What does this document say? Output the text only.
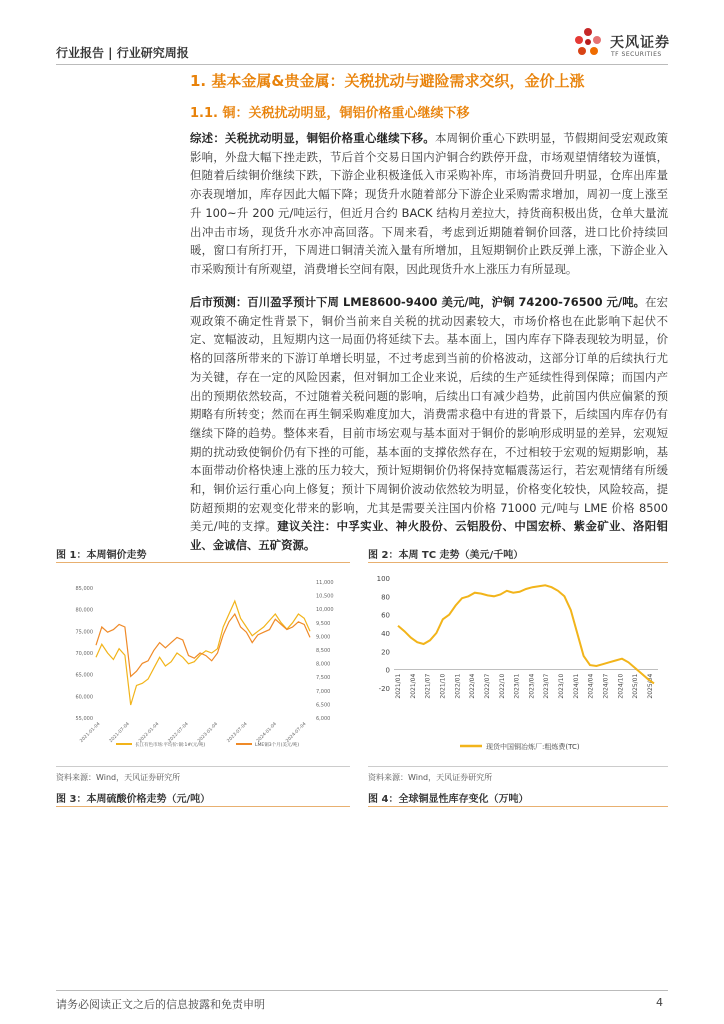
行业报告 | 行业研究周报
天风证券
TF SECURITIES
1. 基本金属&贵金属：关税扰动与避险需求交织，金价上涨
1.1. 铜：关税扰动明显，铜铝价格重心继续下移
综述：关税扰动明显，铜铝价格重心继续下移。本周铜价重心下跌明显，节假期间受宏观政策影响，外盘大幅下挫走跌，节后首个交易日国内沪铜合约跌停开盘，市场观望情绪较为谨慎，但随着后续铜价继续下跌，下游企业积极逢低入市采购补库，市场消费回升明显，仓库出库量亦表现增加，库存因此大幅下降；现货升水随着部分下游企业采购需求增加，周初一度上涨至升 100~升 200 元/吨运行，但近月合约 BACK 结构月差拉大，持货商积极出货，仓单大量流出冲击市场，现货升水亦冲高回落。下周来看，考虑到近期随着铜价回落，进口比价持续回暖，窗口有所打开，下周进口铜清关流入量有所增加，且短期铜价止跌反弹上涨，下游企业入市采购预计有所观望，消费增长空间有限，因此现货升水上涨压力有所显现。
后市预测：百川盈孚预计下周 LME8600-9400 美元/吨，沪铜 74200-76500 元/吨。在宏观政策不确定性背景下，铜价当前来自关税的扰动因素较大，市场价格也在此影响下起伏不定、宽幅波动，且短期内这一局面仍将延续下去。基本面上，国内库存下降表现较为明显，价格的回落所带来的下游订单增长明显，不过考虑到当前的价格波动，这部分订单的后续执行尤为关键，存在一定的风险因素，但对铜加工企业来说，后续的生产延续性得到保障；而国内产出的预期依然较高，不过随着关税问题的影响，后续出口有减少趋势，此前国内供应偏紧的预期略有所转变；然而在再生铜采购难度加大，消费需求稳中有进的背景下，后续国内库存仍有继续下降的趋势。整体来看，目前市场宏观与基本面对于铜价的影响形成明显的差异，宏观短期的扰动致使铜价仍有下挫的可能，基本面的支撑依然存在，不过相较于宏观的短期影响，基本面带动价格快速上涨的压力较大，预计短期铜价仍将保持宽幅震荡运行，若宏观情绪有所缓和，铜价运行重心向上修复；预计下周铜价波动依然较为明显，价格变化较快，风险较高，提防超预期的宏观变化带来的影响，尤其是需要关注国内价格 71000 元/吨与 LME 价格 8500 美元/吨的支撑。建议关注：中孚实业、神火股份、云铝股份、中国宏桥、紫金矿业、洛阳钼业、金诚信、五矿资源。
图 1：本周铜价走势
85,000
80,000
75,000
70,000
65,000
60,000
55,000
11,000
10,500
10,000
9,500
9,000
8,500
8,000
7,500
7,000
6,500
6,000
2021-01-04 2021-07-04 2022-01-04 2022-07-04 2023-01-04 2023-07-04 2024-01-04 2024-07-04
长江有色市场:平均价:铜:1#(元/吨)	LME铜3个月(美元/吨)
资料来源：Wind，天风证券研究所
图 2：本周 TC 走势（美元/千吨）
100
80
60
40
20
0
-20 2021/01 2021/04 2021/07 2021/10 2022/01 2022/04 2022/07 2022/10 2023/01 2023/04 2023/07 2023/10 2024/01 2024/04 2024/07 2024/10 2025/01 2025/04
现货中国铜冶炼厂:粗炼费(TC)
资料来源：Wind，天风证券研究所
图 3：本周硫酸价格走势（元/吨）	图 4：全球铜显性库存变化（万吨）
请务必阅读正文之后的信息披露和免责申明	4
